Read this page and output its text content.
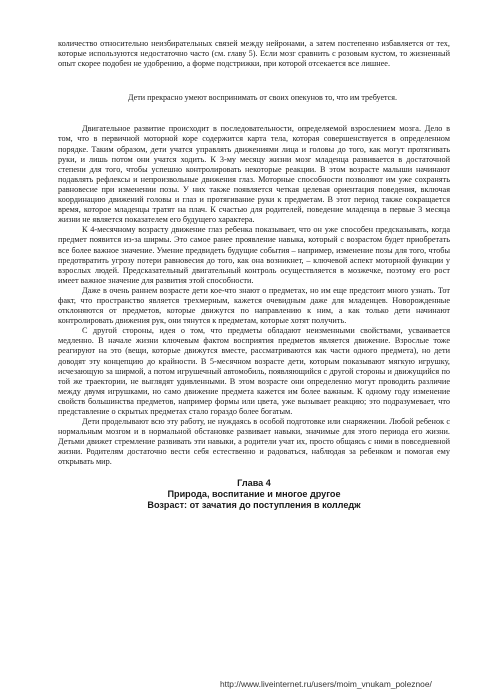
количество относительно неизбирательных связей между нейронами, а затем постепенно избавляется от тех, которые используются недостаточно часто (см. главу 5). Если мозг сравнить с розовым кустом, то жизненный опыт скорее подобен не удобрению, а форме подстрижки, при которой отсекается все лишнее.

Дети прекрасно умеют воспринимать от своих опекунов то, что им требуется.

Двигательное развитие происходит в последовательности, определяемой взрослением мозга. Дело в том, что в первичной моторной коре содержится карта тела, которая совершенствуется в определенном порядке. Таким образом, дети учатся управлять движениями лица и головы до того, как могут протягивать руки, и лишь потом они учатся ходить. К 3-му месяцу жизни мозг младенца развивается в достаточной степени для того, чтобы успешно контролировать некоторые реакции. В этом возрасте малыши начинают подавлять рефлексы и непроизвольные движения глаз. Моторные способности позволяют им уже сохранять равновесие при изменении позы. У них также появляется четкая целевая ориентация поведения, включая координацию движений головы и глаз и протягивание руки к предметам. В этот период также сокращается время, которое младенцы тратят на плач. К счастью для родителей, поведение младенца в первые 3 месяца жизни не является показателем его будущего характера.

К 4-месячному возрасту движение глаз ребенка показывает, что он уже способен предсказывать, когда предмет появится из-за ширмы. Это самое ранее проявление навыка, который с возрастом будет приобретать все более важное значение. Умение предвидеть будущие события – например, изменение позы для того, чтобы предотвратить угрозу потери равновесия до того, как она возникнет, – ключевой аспект моторной функции у взрослых людей. Предсказательный двигательный контроль осуществляется в мозжечке, поэтому его рост имеет важное значение для развития этой способности.

Даже в очень раннем возрасте дети кое-что знают о предметах, но им еще предстоит много узнать. Тот факт, что пространство является трехмерным, кажется очевидным даже для младенцев. Новорожденные отклоняются от предметов, которые движутся по направлению к ним, а как только дети начинают контролировать движения рук, они тянутся к предметам, которые хотят получить.

С другой стороны, идея о том, что предметы обладают неизменными свойствами, усваивается медленно. В начале жизни ключевым фактом восприятия предметов является движение. Взрослые тоже реагируют на это (вещи, которые движутся вместе, рассматриваются как части одного предмета), но дети доводят эту концепцию до крайности. В 5-месячном возрасте дети, которым показывают мягкую игрушку, исчезающую за ширмой, а потом игрушечный автомобиль, появляющийся с другой стороны и движущийся по той же траектории, не выглядят удивленными. В этом возрасте они определенно могут проводить различие между двумя игрушками, но само движение предмета кажется им более важным. К одному году изменение свойств большинства предметов, например формы или цвета, уже вызывает реакцию; это подразумевает, что представление о скрытых предметах стало гораздо более богатым.

Дети проделывают всю эту работу, не нуждаясь в особой подготовке или снаряжении. Любой ребенок с нормальным мозгом и в нормальной обстановке развивает навыки, значимые для этого периода его жизни. Детьми движет стремление развивать эти навыки, а родители учат их, просто общаясь с ними в повседневной жизни. Родителям достаточно вести себя естественно и радоваться, наблюдая за ребенком и помогая ему открывать мир.

Глава 4
Природа, воспитание и многое другое
Возраст: от зачатия до поступления в колледж
http://www.liveinternet.ru/users/moim_vnukam_poleznoe/
